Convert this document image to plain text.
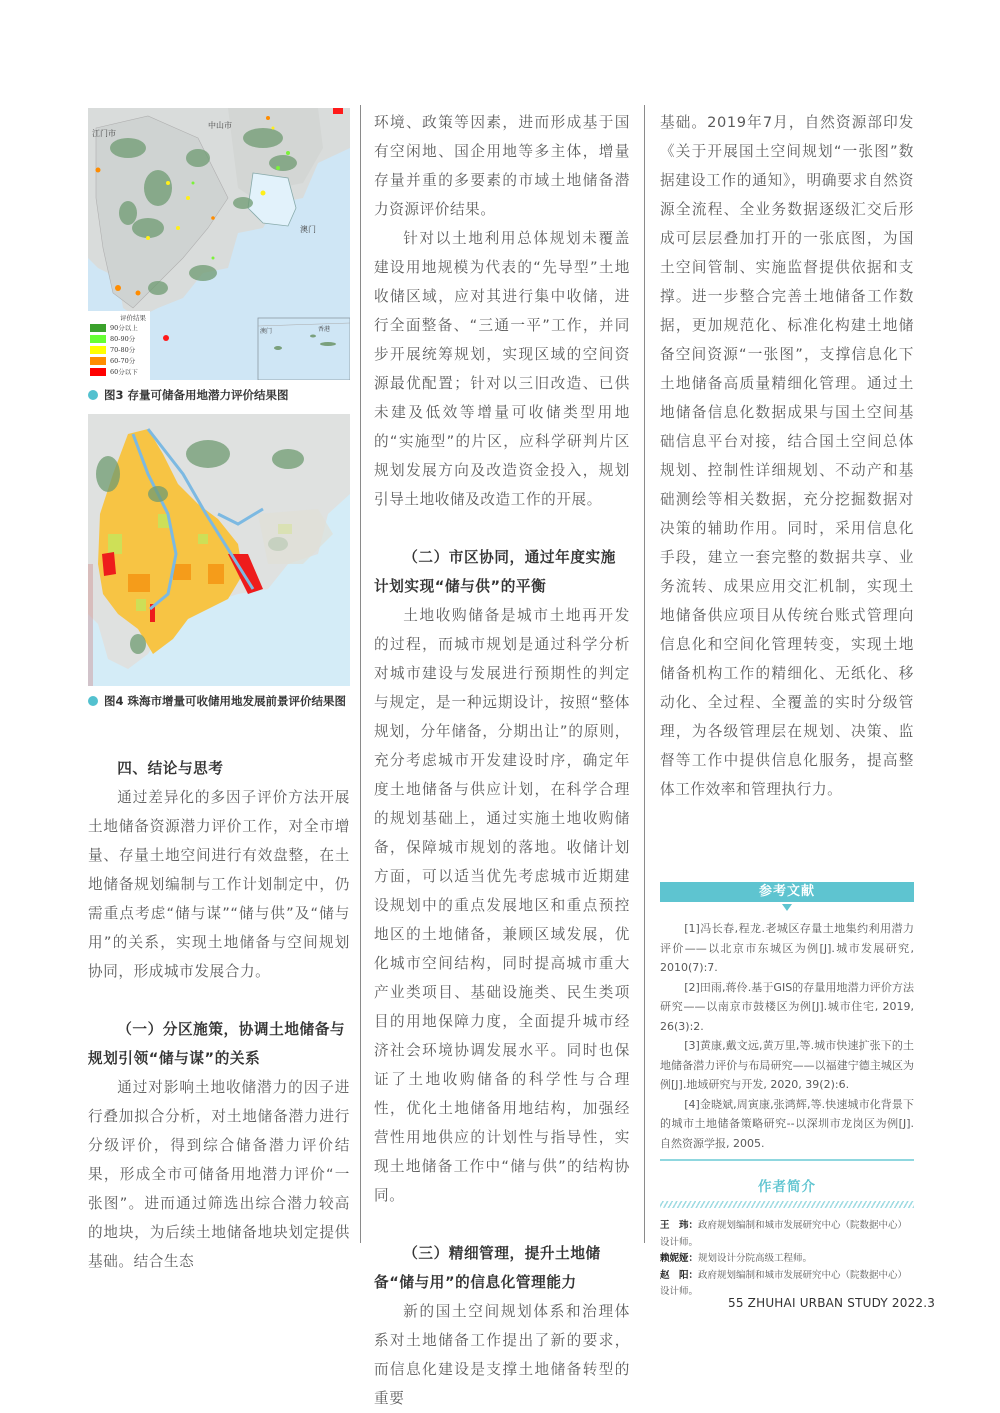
江门市
中山市
澳门
澳门	香港
评价结果
90分以上
80-90分
70-80分
60-70分
60分以下
图3 存量可储备用地潜力评价结果图
图4 珠海市增量可收储用地发展前景评价结果图

四、结论与思考

通过差异化的多因子评价方法开展土地储备资源潜力评价工作，对全市增量、存量土地空间进行有效盘整，在土地储备规划编制与工作计划制定中，仍需重点考虑“储与谋”“储与供”及“储与用”的关系，实现土地储备与空间规划协同，形成城市发展合力。

（一）分区施策，协调土地储备与规划引领“储与谋”的关系

通过对影响土地收储潜力的因子进行叠加拟合分析，对土地储备潜力进行分级评价，得到综合储备潜力评价结果，形成全市可储备用地潜力评价“一张图”。进而通过筛选出综合潜力较高的地块，为后续土地储备地块划定提供基础。结合生态

环境、政策等因素，进而形成基于国有空闲地、国企用地等多主体，增量存量并重的多要素的市域土地储备潜力资源评价结果。

针对以土地利用总体规划未覆盖建设用地规模为代表的“先导型”土地收储区域，应对其进行集中收储，进行全面整备、“三通一平”工作，并同步开展统筹规划，实现区域的空间资源最优配置；针对以三旧改造、已供未建及低效等增量可收储类型用地的“实施型”的片区，应科学研判片区规划发展方向及改造资金投入，规划引导土地收储及改造工作的开展。

（二）市区协同，通过年度实施计划实现“储与供”的平衡

土地收购储备是城市土地再开发的过程，而城市规划是通过科学分析对城市建设与发展进行预期性的判定与规定，是一种远期设计，按照“整体规划，分年储备，分期出让”的原则，充分考虑城市开发建设时序，确定年度土地储备与供应计划，在科学合理的规划基础上，通过实施土地收购储备，保障城市规划的落地。收储计划方面，可以适当优先考虑城市近期建设规划中的重点发展地区和重点预控地区的土地储备，兼顾区域发展，优化城市空间结构，同时提高城市重大产业类项目、基础设施类、民生类项目的用地保障力度，全面提升城市经济社会环境协调发展水平。同时也保证了土地收购储备的科学性与合理性，优化土地储备用地结构，加强经营性用地供应的计划性与指导性，实现土地储备工作中“储与供”的结构协同。

（三）精细管理，提升土地储备“储与用”的信息化管理能力

新的国土空间规划体系和治理体系对土地储备工作提出了新的要求，而信息化建设是支撑土地储备转型的重要

基础。2019年7月，自然资源部印发《关于开展国土空间规划“一张图”数据建设工作的通知》，明确要求自然资源全流程、全业务数据逐级汇交后形成可层层叠加打开的一张底图，为国土空间管制、实施监督提供依据和支撑。进一步整合完善土地储备工作数据，更加规范化、标准化构建土地储备空间资源“一张图”，支撑信息化下土地储备高质量精细化管理。通过土地储备信息化数据成果与国土空间基础信息平台对接，结合国土空间总体规划、控制性详细规划、不动产和基础测绘等相关数据，充分挖掘数据对决策的辅助作用。同时，采用信息化手段，建立一套完整的数据共享、业务流转、成果应用交汇机制，实现土地储备供应项目从传统台账式管理向信息化和空间化管理转变，实现土地储备机构工作的精细化、无纸化、移动化、全过程、全覆盖的实时分级管理，为各级管理层在规划、决策、监督等工作中提供信息化服务，提高整体工作效率和管理执行力。

参考文献

[1]冯长春,程龙.老城区存量土地集约利用潜力评价——以北京市东城区为例[J].城市发展研究, 2010(7):7.

[2]田雨,蒋伶.基于GIS的存量用地潜力评价方法研究——以南京市鼓楼区为例[J].城市住宅, 2019, 26(3):2.

[3]黄康,戴文远,黄万里,等.城市快速扩张下的土地储备潜力评价与布局研究——以福建宁德主城区为例[J].地域研究与开发, 2020, 39(2):6.

[4]金晓斌,周寅康,张鸿辉,等.快速城市化背景下的城市土地储备策略研究--以深圳市龙岗区为例[J].自然资源学报, 2005.

作者简介

王　玮：政府规划编制和城市发展研究中心（院数据中心）设计师。

赖妮娅：规划设计分院高级工程师。

赵　阳：政府规划编制和城市发展研究中心（院数据中心）设计师。

55 ZHUHAI URBAN STUDY 2022.3
